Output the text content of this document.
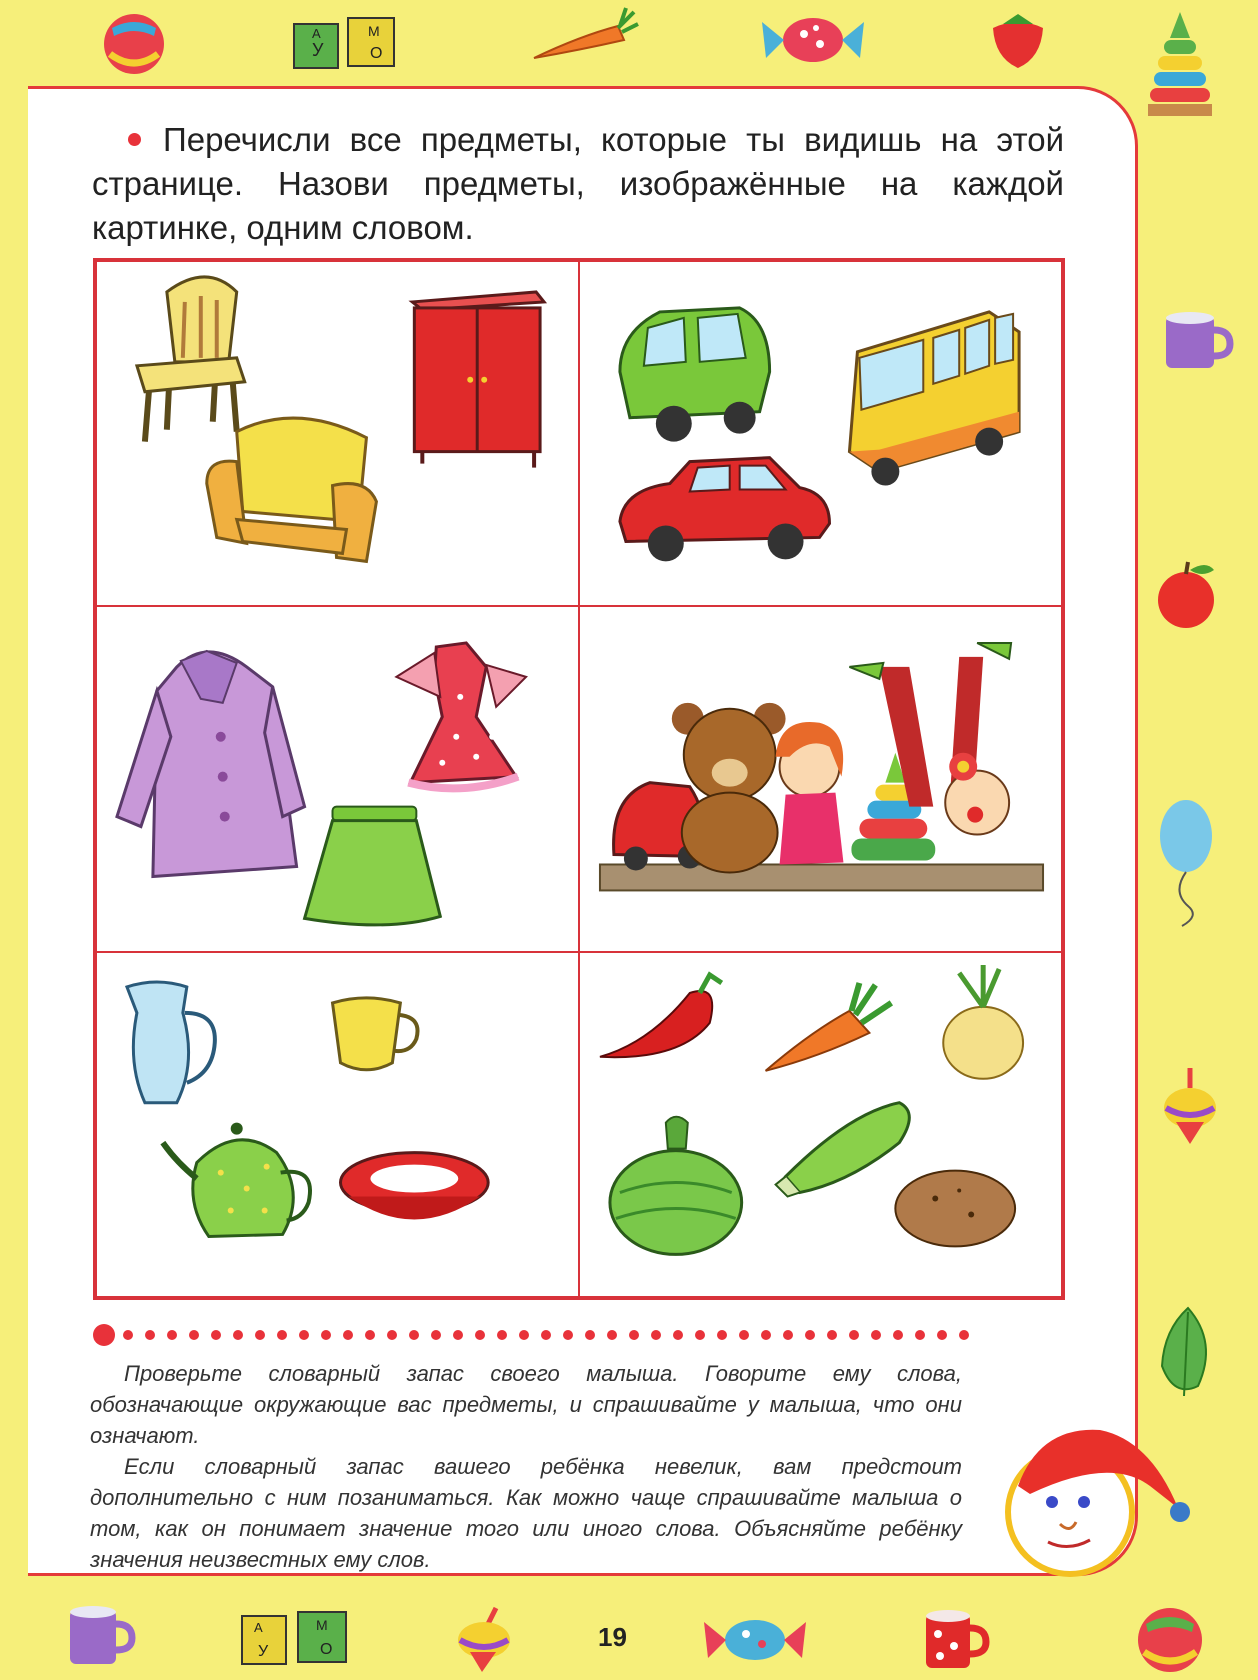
У
М
О
А
Перечисли все предметы, которые ты видишь на этой странице. Назови предметы, изображённые на каждой картинке, одним словом.

Проверьте словарный запас своего малыша. Говорите ему слова, обозначающие окружающие вас предметы, и спрашивайте у малыша, что они означают.

Если словарный запас вашего ребёнка невелик, вам предстоит дополнительно с ним позаниматься. Как можно чаще спрашивайте малыша о том, как он понимает значение того или иного слова. Объясняйте ребёнку значения неизвестных ему слов.

А
У
М
О	19
